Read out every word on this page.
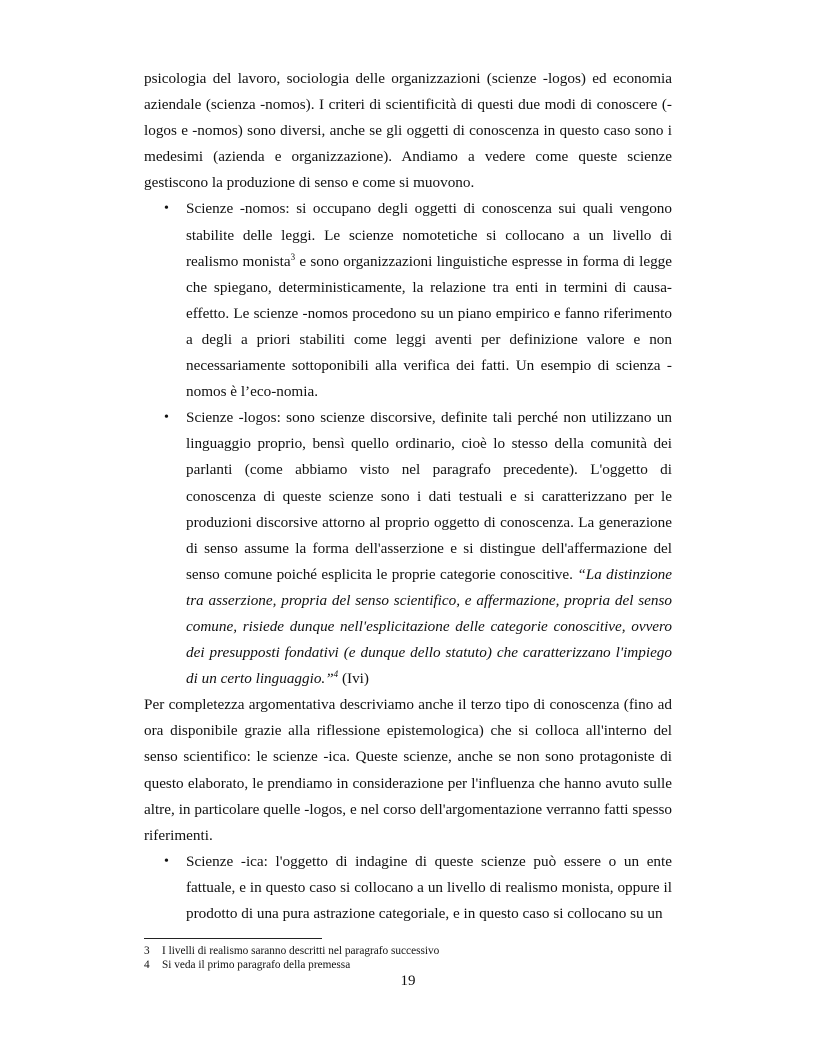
psicologia del lavoro, sociologia delle organizzazioni (scienze -logos) ed economia aziendale (scienza -nomos). I criteri di scientificità di questi due modi di conoscere (-logos e -nomos) sono diversi, anche se gli oggetti di conoscenza in questo caso sono i medesimi (azienda e organizzazione). Andiamo a vedere come queste scienze gestiscono la produzione di senso e come si muovono.

• Scienze -nomos: si occupano degli oggetti di conoscenza sui quali vengono stabilite delle leggi. Le scienze nomotetiche si collocano a un livello di realismo monista$^3$ e sono organizzazioni linguistiche espresse in forma di legge che spiegano, deterministicamente, la relazione tra enti in termini di causa-effetto. Le scienze -nomos procedono su un piano empirico e fanno riferimento a degli a priori stabiliti come leggi aventi per definizione valore e non necessariamente sottoponibili alla verifica dei fatti. Un esempio di scienza -nomos è l’eco-nomia.
• Scienze -logos: sono scienze discorsive, definite tali perché non utilizzano un linguaggio proprio, bensì quello ordinario, cioè lo stesso della comunità dei parlanti (come abbiamo visto nel paragrafo precedente). L'oggetto di conoscenza di queste scienze sono i dati testuali e si caratterizzano per le produzioni discorsive attorno al proprio oggetto di conoscenza. La generazione di senso assume la forma dell'asserzione e si distingue dell'affermazione del senso comune poiché esplicita le proprie categorie conoscitive. “La distinzione tra asserzione, propria del senso scientifico, e affermazione, propria del senso comune, risiede dunque nell'esplicitazione delle categorie conoscitive, ovvero dei presupposti fondativi (e dunque dello statuto) che caratterizzano l'impiego di un certo linguaggio.”$^4$ (Ivi)

Per completezza argomentativa descriviamo anche il terzo tipo di conoscenza (fino ad ora disponibile grazie alla riflessione epistemologica) che si colloca all'interno del senso scientifico: le scienze -ica. Queste scienze, anche se non sono protagoniste di questo elaborato, le prendiamo in considerazione per l'influenza che hanno avuto sulle altre, in particolare quelle -logos, e nel corso dell'argomentazione verranno fatti spesso riferimenti.

• Scienze -ica: l'oggetto di indagine di queste scienze può essere o un ente fattuale, e in questo caso si collocano a un livello di realismo monista, oppure il prodotto di una pura astrazione categoriale, e in questo caso si collocano su un
3	I livelli di realismo saranno descritti nel paragrafo successivo
4	Si veda il primo paragrafo della premessa
19
